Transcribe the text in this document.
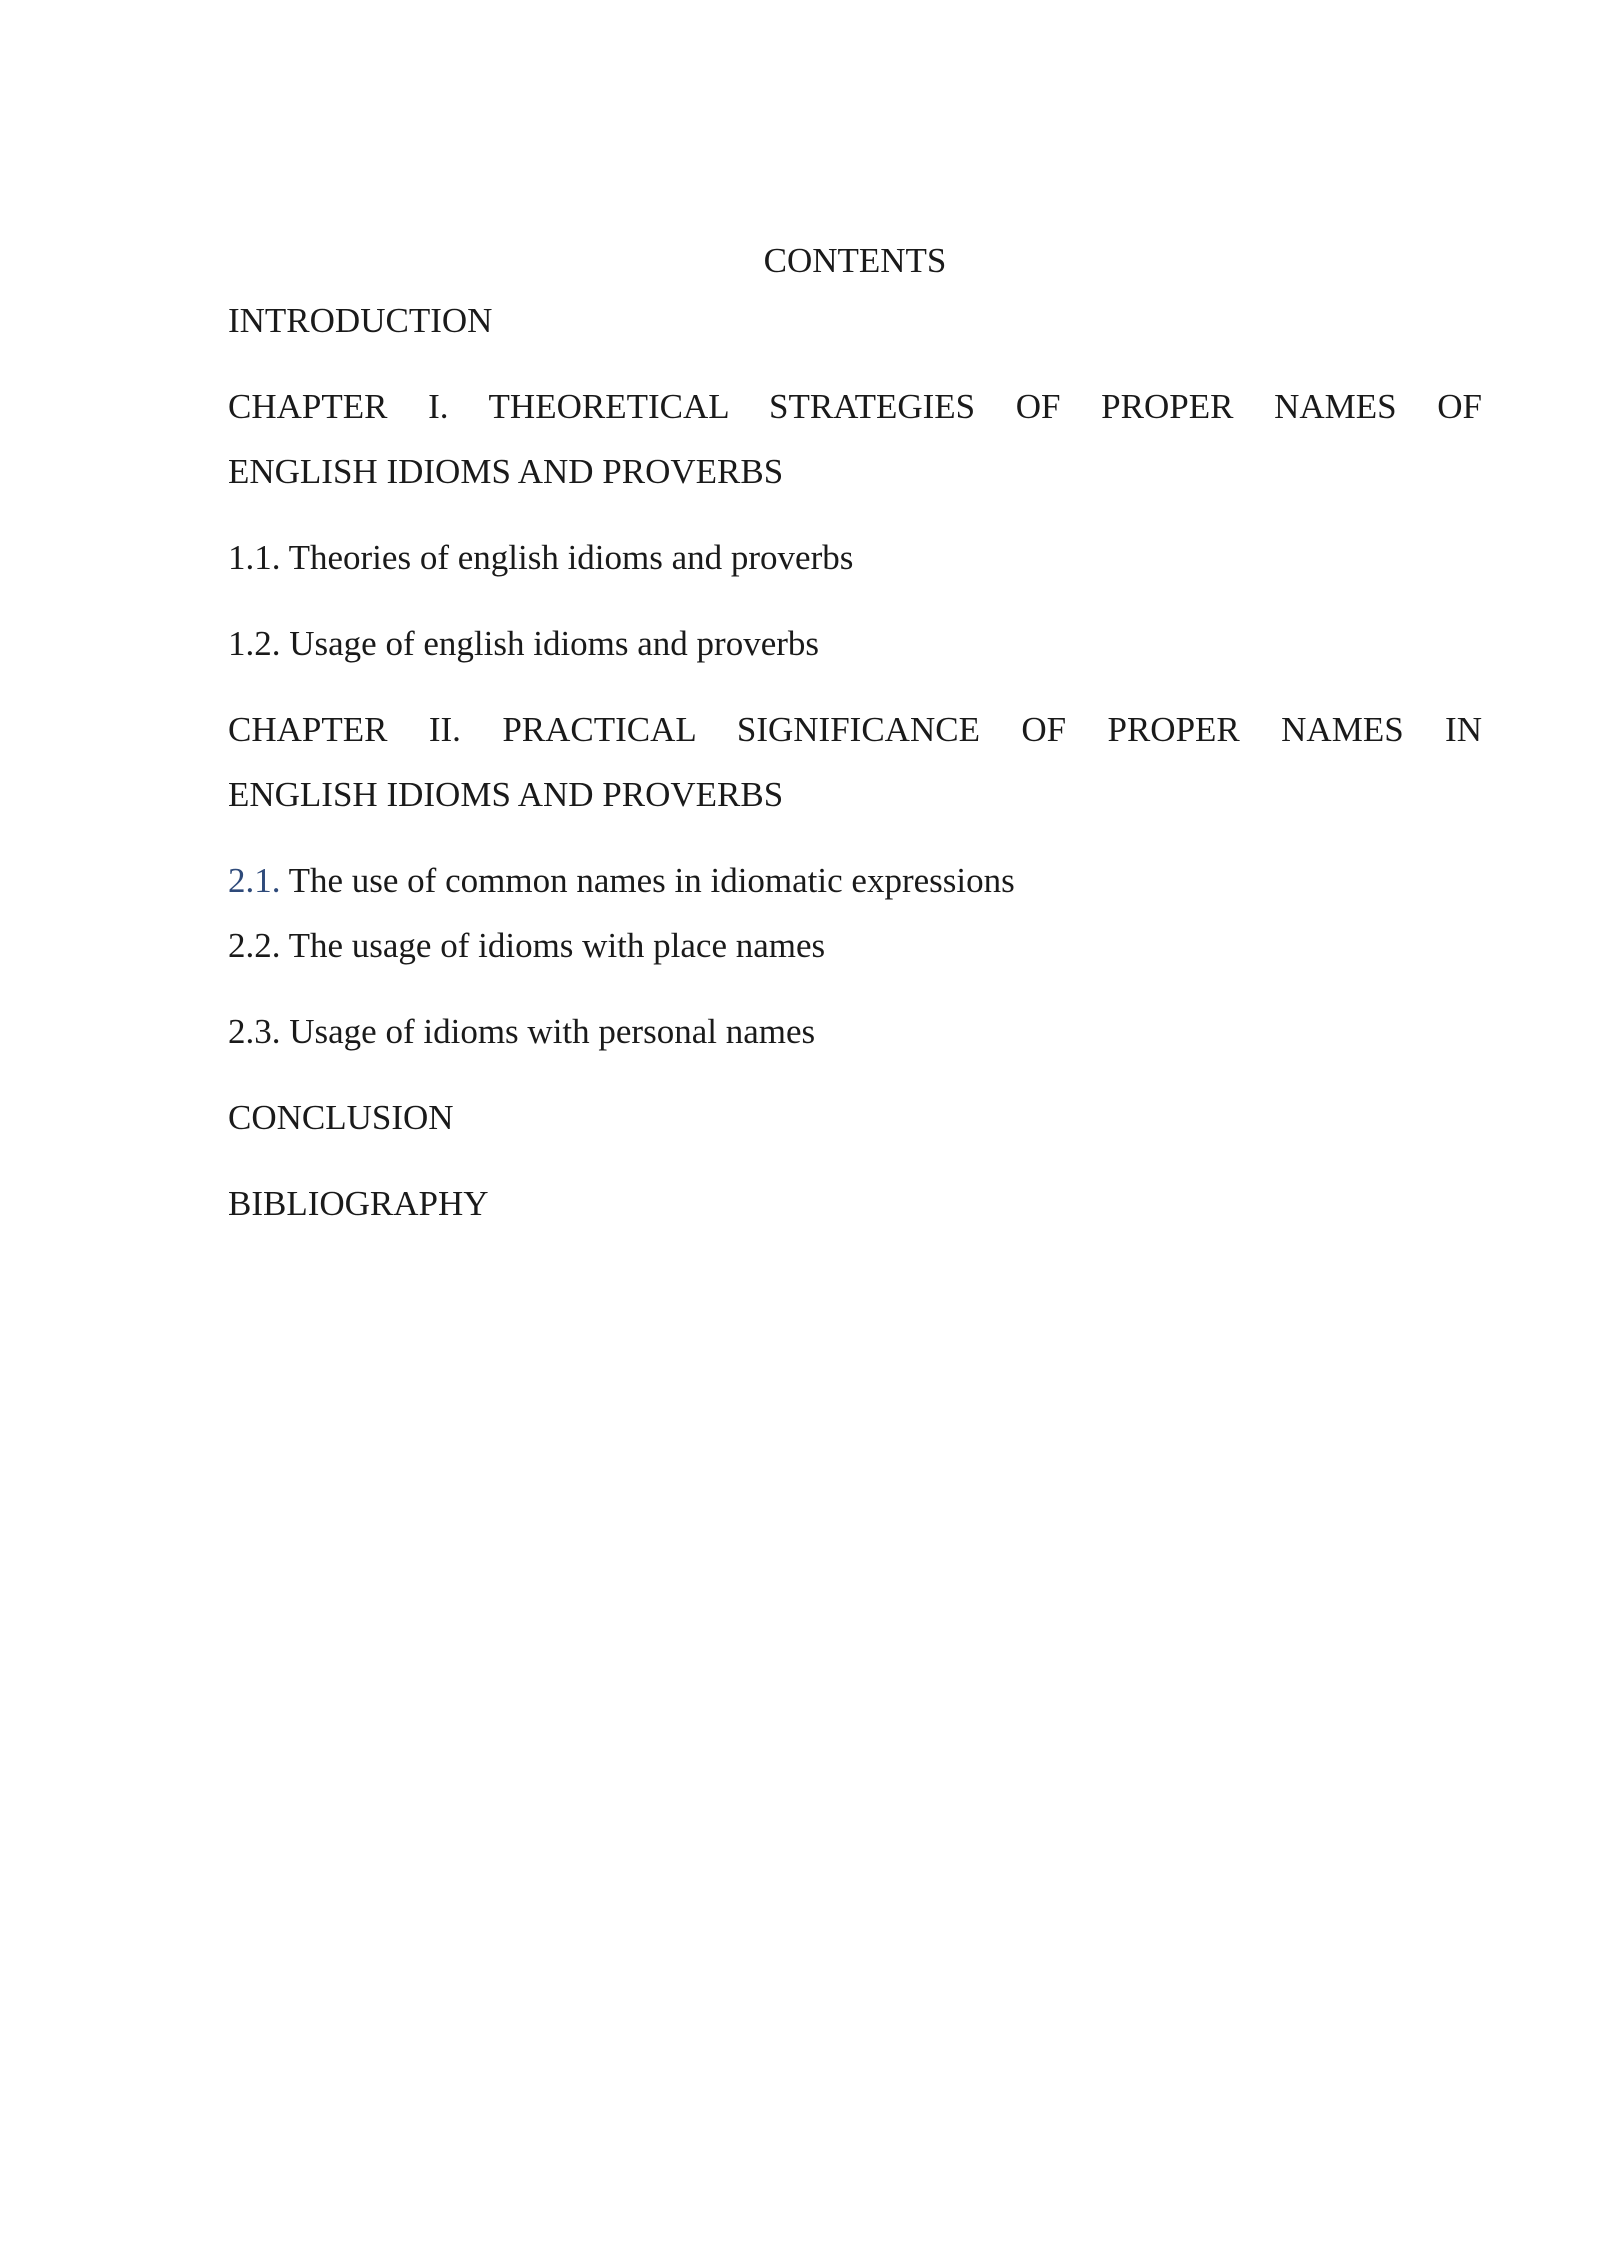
CONTENTS
INTRODUCTION
CHAPTER I. THEORETICAL STRATEGIES OF PROPER NAMES OF
ENGLISH IDIOMS AND PROVERBS
1.1. Theories of english idioms and proverbs
1.2. Usage of english idioms and proverbs
CHAPTER II. PRACTICAL SIGNIFICANCE OF PROPER NAMES IN
ENGLISH IDIOMS AND PROVERBS
2.1. The use of common names in idiomatic expressions
2.2. The usage of idioms with place names
2.3. Usage of idioms with personal names
CONCLUSION
BIBLIOGRAPHY
